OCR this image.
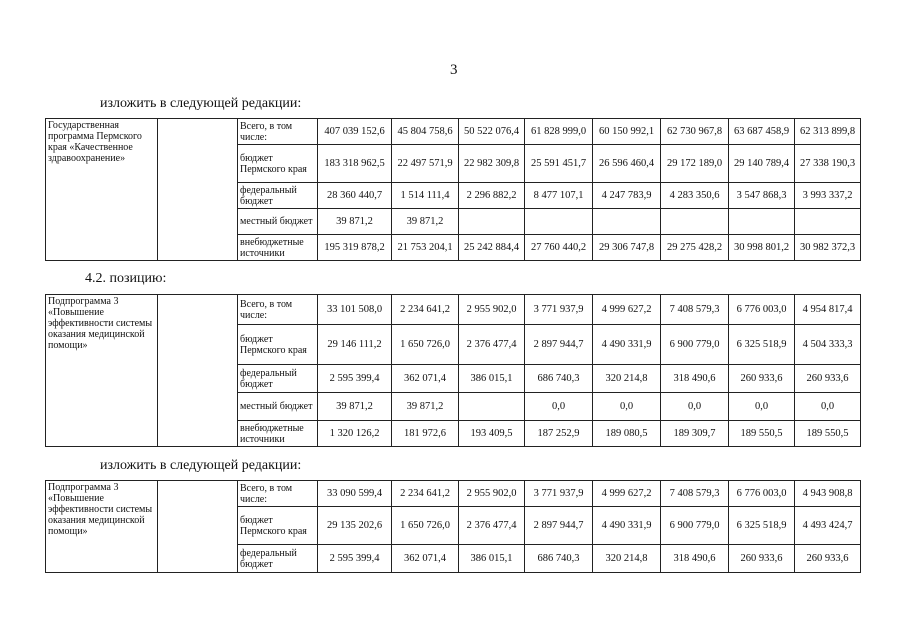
3
изложить в следующей редакции:
4.2. позицию:
изложить в следующей редакции:
Государственная программа Пермского края «Качественное здравоохранение»		Всего, в том числе:	407 039 152,6	45 804 758,6	50 522 076,4	61 828 999,0	60 150 992,1	62 730 967,8	63 687 458,9	62 313 899,8
		бюджет Пермского края	183 318 962,5	22 497 571,9	22 982 309,8	25 591 451,7	26 596 460,4	29 172 189,0	29 140 789,4	27 338 190,3
		федеральный бюджет	28 360 440,7	1 514 111,4	2 296 882,2	8 477 107,1	4 247 783,9	4 283 350,6	3 547 868,3	3 993 337,2
		местный бюджет	39 871,2	39 871,2						
		внебюджетные источники	195 319 878,2	21 753 204,1	25 242 884,4	27 760 440,2	29 306 747,8	29 275 428,2	30 998 801,2	30 982 372,3
Подпрограмма 3 «Повышение эффективности системы оказания медицинской помощи»		Всего, в том числе:	33 101 508,0	2 234 641,2	2 955 902,0	3 771 937,9	4 999 627,2	7 408 579,3	6 776 003,0	4 954 817,4
		бюджет Пермского края	29 146 111,2	1 650 726,0	2 376 477,4	2 897 944,7	4 490 331,9	6 900 779,0	6 325 518,9	4 504 333,3
		федеральный бюджет	2 595 399,4	362 071,4	386 015,1	686 740,3	320 214,8	318 490,6	260 933,6	260 933,6
		местный бюджет	39 871,2	39 871,2		0,0	0,0	0,0	0,0	0,0
		внебюджетные источники	1 320 126,2	181 972,6	193 409,5	187 252,9	189 080,5	189 309,7	189 550,5	189 550,5
Подпрограмма 3 «Повышение эффективности системы оказания медицинской помощи»		Всего, в том числе:	33 090 599,4	2 234 641,2	2 955 902,0	3 771 937,9	4 999 627,2	7 408 579,3	6 776 003,0	4 943 908,8
		бюджет Пермского края	29 135 202,6	1 650 726,0	2 376 477,4	2 897 944,7	4 490 331,9	6 900 779,0	6 325 518,9	4 493 424,7
		федеральный бюджет	2 595 399,4	362 071,4	386 015,1	686 740,3	320 214,8	318 490,6	260 933,6	260 933,6
